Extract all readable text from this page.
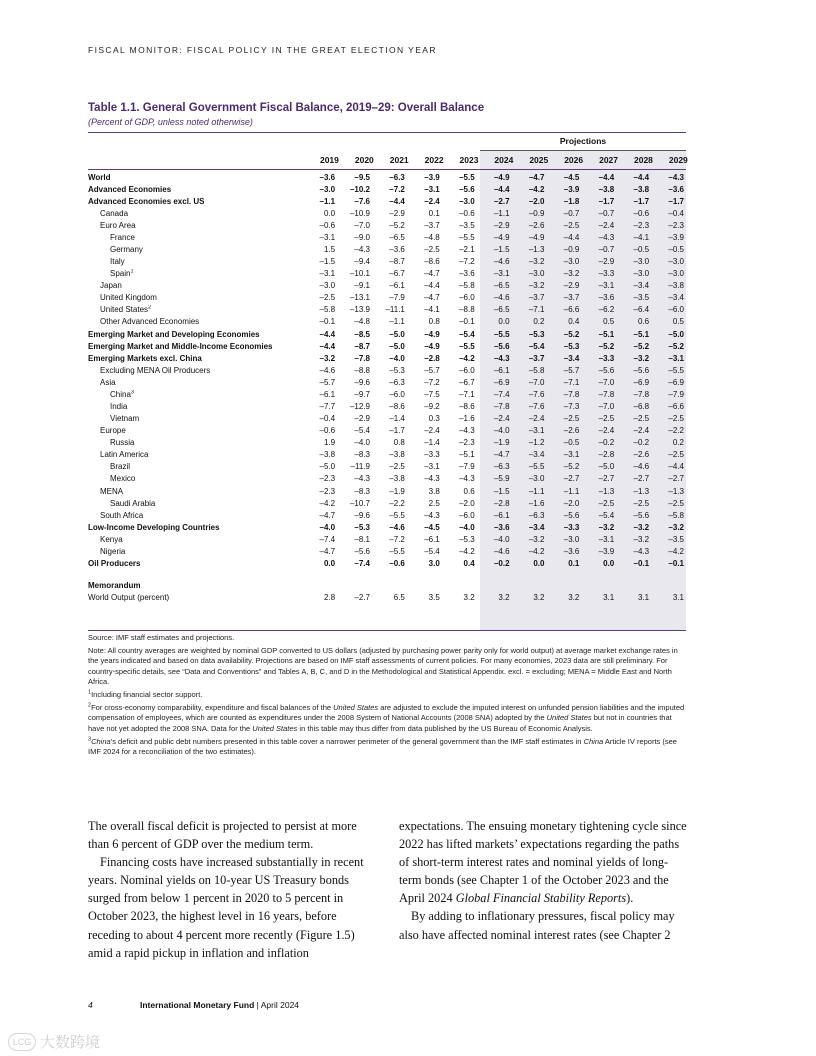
FISCAL MONITOR: FISCAL POLICY IN THE GREAT ELECTION YEAR
Table 1.1. General Government Fiscal Balance, 2019–29: Overall Balance
(Percent of GDP, unless noted otherwise)
Projections
2019	2020	2021	2022	2023	2024	2025	2026	2027	2028	2029
World	–3.6	–9.5	–6.3	–3.9	–5.5	–4.9	–4.7	–4.5	–4.4	–4.4	–4.3
Advanced Economies	–3.0	–10.2	–7.2	–3.1	–5.6	–4.4	–4.2	–3.9	–3.8	–3.8	–3.6
Advanced Economies excl. US	–1.1	–7.6	–4.4	–2.4	–3.0	–2.7	–2.0	–1.8	–1.7	–1.7	–1.7
Canada	0.0	–10.9	–2.9	0.1	–0.6	–1.1	–0.9	–0.7	–0.7	–0.6	–0.4
Euro Area	–0.6	–7.0	–5.2	–3.7	–3.5	–2.9	–2.6	–2.5	–2.4	–2.3	–2.3
France	–3.1	–9.0	–6.5	–4.8	–5.5	–4.9	–4.9	–4.4	–4.3	–4.1	–3.9
Germany	1.5	–4.3	–3.6	–2.5	–2.1	–1.5	–1.3	–0.9	–0.7	–0.5	–0.5
Italy	–1.5	–9.4	–8.7	–8.6	–7.2	–4.6	–3.2	–3.0	–2.9	–3.0	–3.0
Spain$^1$	–3.1	–10.1	–6.7	–4.7	–3.6	–3.1	–3.0	–3.2	–3.3	–3.0	–3.0
Japan	–3.0	–9.1	–6.1	–4.4	–5.8	–6.5	–3.2	–2.9	–3.1	–3.4	–3.8
United Kingdom	–2.5	–13.1	–7.9	–4.7	–6.0	–4.6	–3.7	–3.7	–3.6	–3.5	–3.4
United States$^2$	–5.8	–13.9	–11.1	–4.1	–8.8	–6.5	–7.1	–6.6	–6.2	–6.4	–6.0
Other Advanced Economies	–0.1	–4.8	–1.1	0.8	–0.1	0.0	0.2	0.4	0.5	0.6	0.5
Emerging Market and Developing Economies	–4.4	–8.5	–5.0	–4.9	–5.4	–5.5	–5.3	–5.2	–5.1	–5.1	–5.0
Emerging Market and Middle-Income Economies	–4.4	–8.7	–5.0	–4.9	–5.5	–5.6	–5.4	–5.3	–5.2	–5.2	–5.2
Emerging Markets excl. China	–3.2	–7.8	–4.0	–2.8	–4.2	–4.3	–3.7	–3.4	–3.3	–3.2	–3.1
Excluding MENA Oil Producers	–4.6	–8.8	–5.3	–5.7	–6.0	–6.1	–5.8	–5.7	–5.6	–5.6	–5.5
Asia	–5.7	–9.6	–6.3	–7.2	–6.7	–6.9	–7.0	–7.1	–7.0	–6.9	–6.9
China$^3$	–6.1	–9.7	–6.0	–7.5	–7.1	–7.4	–7.6	–7.8	–7.8	–7.8	–7.9
India	–7.7	–12.9	–8.6	–9.2	–8.6	–7.8	–7.6	–7.3	–7.0	–6.8	–6.6
Vietnam	–0.4	–2.9	–1.4	0.3	–1.6	–2.4	–2.4	–2.5	–2.5	–2.5	–2.5
Europe	–0.6	–5.4	–1.7	–2.4	–4.3	–4.0	–3.1	–2.6	–2.4	–2.4	–2.2
Russia	1.9	–4.0	0.8	–1.4	–2.3	–1.9	–1.2	–0.5	–0.2	–0.2	0.2
Latin America	–3.8	–8.3	–3.8	–3.3	–5.1	–4.7	–3.4	–3.1	–2.8	–2.6	–2.5
Brazil	–5.0	–11.9	–2.5	–3.1	–7.9	–6.3	–5.5	–5.2	–5.0	–4.6	–4.4
Mexico	–2.3	–4.3	–3.8	–4.3	–4.3	–5.9	–3.0	–2.7	–2.7	–2.7	–2.7
MENA	–2.3	–8.3	–1.9	3.8	0.6	–1.5	–1.1	–1.1	–1.3	–1.3	–1.3
Saudi Arabia	–4.2	–10.7	–2.2	2.5	–2.0	–2.8	–1.6	–2.0	–2.5	–2.5	–2.5
South Africa	–4.7	–9.6	–5.5	–4.3	–6.0	–6.1	–6.3	–5.6	–5.4	–5.6	–5.8
Low-Income Developing Countries	–4.0	–5.3	–4.6	–4.5	–4.0	–3.6	–3.4	–3.3	–3.2	–3.2	–3.2
Kenya	–7.4	–8.1	–7.2	–6.1	–5.3	–4.0	–3.2	–3.0	–3.1	–3.2	–3.5
Nigeria	–4.7	–5.6	–5.5	–5.4	–4.2	–4.6	–4.2	–3.6	–3.9	–4.3	–4.2
Oil Producers	0.0	–7.4	–0.6	3.0	0.4	–0.2	0.0	0.1	0.0	–0.1	–0.1
Memorandum
World Output (percent)	2.8	–2.7	6.5	3.5	3.2	3.2	3.2	3.2	3.1	3.1	3.1

Source: IMF staff estimates and projections.

Note: All country averages are weighted by nominal GDP converted to US dollars (adjusted by purchasing power parity only for world output) at average market exchange rates in the years indicated and based on data availability. Projections are based on IMF staff assessments of current policies. For many economies, 2023 data are still preliminary. For country-specific details, see “Data and Conventions” and Tables A, B, C, and D in the Methodological and Statistical Appendix. excl. = excluding; MENA = Middle East and North Africa.

$^1$Including financial sector support.

$^2$For cross-economy comparability, expenditure and fiscal balances of the United States are adjusted to exclude the imputed interest on unfunded pension liabilities and the imputed compensation of employees, which are counted as expenditures under the 2008 System of National Accounts (2008 SNA) adopted by the United States but not in countries that have not yet adopted the 2008 SNA. Data for the United States in this table may thus differ from data published by the US Bureau of Economic Analysis.

$^3$China’s deficit and public debt numbers presented in this table cover a narrower perimeter of the general government than the IMF staff estimates in China Article IV reports (see IMF 2024 for a reconciliation of the two estimates).

The overall fiscal deficit is projected to persist at more than 6 percent of GDP over the medium term.

Financing costs have increased substantially in recent years. Nominal yields on 10-year US Treasury bonds surged from below 1 percent in 2020 to 5 percent in October 2023, the highest level in 16 years, before receding to about 4 percent more recently (Figure 1.5) amid a rapid pickup in inflation and inflation

expectations. The ensuing monetary tightening cycle since 2022 has lifted markets’ expectations regarding the paths of short-term interest rates and nominal yields of long-term bonds (see Chapter 1 of the October 2023 and the April 2024 Global Financial Stability Reports).

By adding to inflationary pressures, fiscal policy may also have affected nominal interest rates (see Chapter 2

4	International Monetary Fund | April 2024
LCG 大数跨境
